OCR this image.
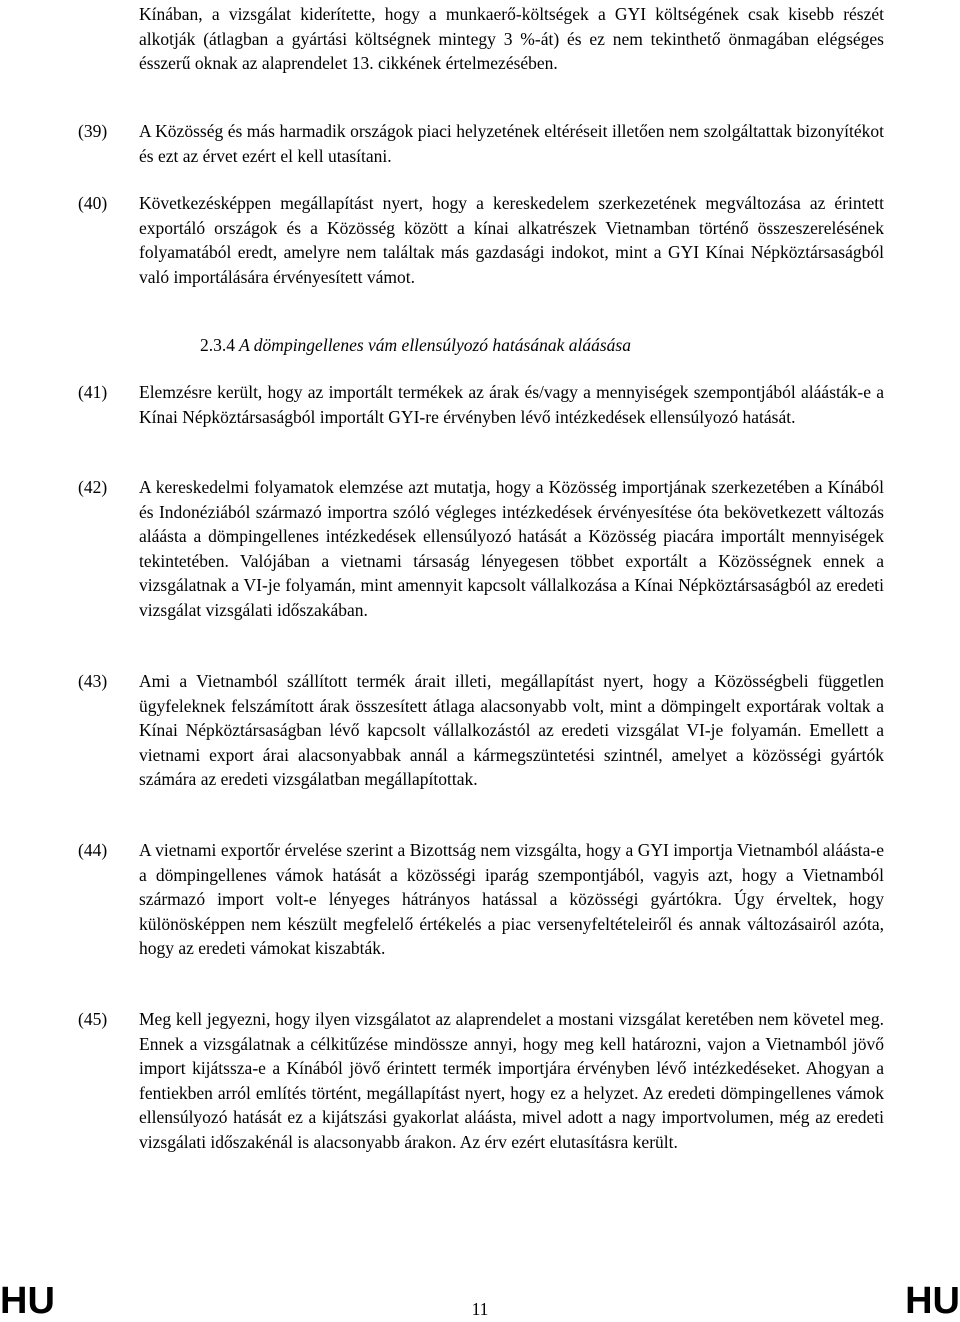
Kínában, a vizsgálat kiderítette, hogy a munkaerő-költségek a GYI költségének csak kisebb részét alkotják (átlagban a gyártási költségnek mintegy 3 %-át) és ez nem tekinthető önmagában elégséges ésszerű oknak az alaprendelet 13. cikkének értelmezésében.
(39)	A Közösség és más harmadik országok piaci helyzetének eltéréseit illetően nem szolgáltattak bizonyítékot és ezt az érvet ezért el kell utasítani.
(40)	Következésképpen megállapítást nyert, hogy a kereskedelem szerkezetének megváltozása az érintett exportáló országok és a Közösség között a kínai alkatrészek Vietnamban történő összeszerelésének folyamatából eredt, amelyre nem találtak más gazdasági indokot, mint a GYI Kínai Népköztársaságból való importálására érvényesített vámot.
2.3.4 A dömpingellenes vám ellensúlyozó hatásának aláásása
(41)	Elemzésre került, hogy az importált termékek az árak és/vagy a mennyiségek szempontjából aláásták-e a Kínai Népköztársaságból importált GYI-re érvényben lévő intézkedések ellensúlyozó hatását.
(42)	A kereskedelmi folyamatok elemzése azt mutatja, hogy a Közösség importjának szerkezetében a Kínából és Indonéziából származó importra szóló végleges intézkedések érvényesítése óta bekövetkezett változás aláásta a dömpingellenes intézkedések ellensúlyozó hatását a Közösség piacára importált mennyiségek tekintetében. Valójában a vietnami társaság lényegesen többet exportált a Közösségnek ennek a vizsgálatnak a VI-je folyamán, mint amennyit kapcsolt vállalkozása a Kínai Népköztársaságból az eredeti vizsgálat vizsgálati időszakában.
(43)	Ami a Vietnamból szállított termék árait illeti, megállapítást nyert, hogy a Közösségbeli független ügyfeleknek felszámított árak összesített átlaga alacsonyabb volt, mint a dömpingelt exportárak voltak a Kínai Népköztársaságban lévő kapcsolt vállalkozástól az eredeti vizsgálat VI-je folyamán. Emellett a vietnami export árai alacsonyabbak annál a kármegszüntetési szintnél, amelyet a közösségi gyártók számára az eredeti vizsgálatban megállapítottak.
(44)	A vietnami exportőr érvelése szerint a Bizottság nem vizsgálta, hogy a GYI importja Vietnamból aláásta-e a dömpingellenes vámok hatását a közösségi iparág szempontjából, vagyis azt, hogy a Vietnamból származó import volt-e lényeges hátrányos hatással a közösségi gyártókra. Úgy érveltek, hogy különösképpen nem készült megfelelő értékelés a piac versenyfeltételeiről és annak változásairól azóta, hogy az eredeti vámokat kiszabták.
(45)	Meg kell jegyezni, hogy ilyen vizsgálatot az alaprendelet a mostani vizsgálat keretében nem követel meg. Ennek a vizsgálatnak a célkitűzése mindössze annyi, hogy meg kell határozni, vajon a Vietnamból jövő import kijátssza-e a Kínából jövő érintett termék importjára érvényben lévő intézkedéseket. Ahogyan a fentiekben arról említés történt, megállapítást nyert, hogy ez a helyzet. Az eredeti dömpingellenes vámok ellensúlyozó hatását ez a kijátszási gyakorlat aláásta, mivel adott a nagy importvolumen, még az eredeti vizsgálati időszakénál is alacsonyabb árakon. Az érv ezért elutasításra került.
HU	11	HU
